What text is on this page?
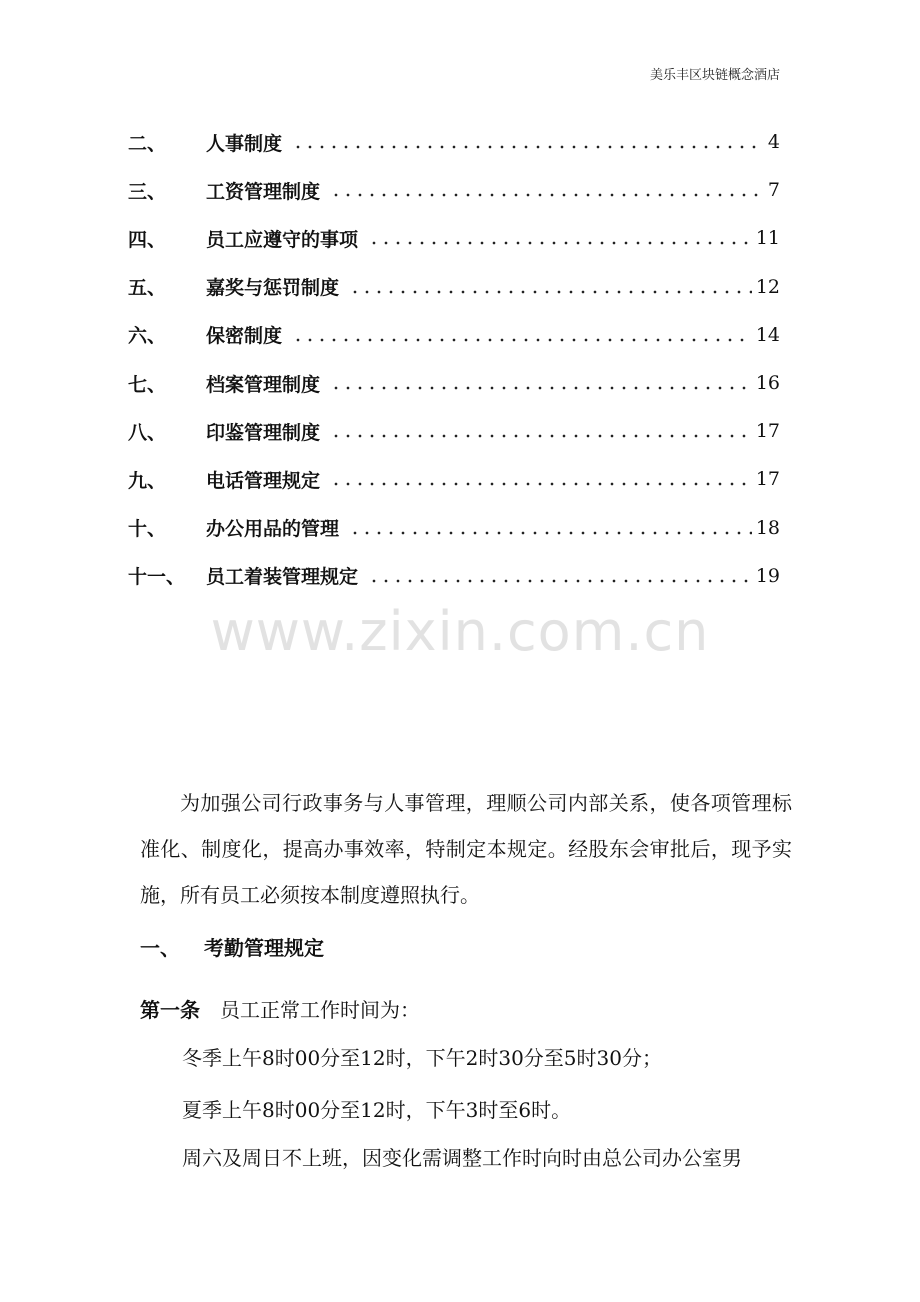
美乐丰区块链概念酒店
二、	人事制度	4
三、	工资管理制度	7
四、	员工应遵守的事项	11
五、	嘉奖与惩罚制度	12
六、	保密制度	14
七、	档案管理制度	16
八、	印鉴管理制度	17
九、	电话管理规定	17
十、	办公用品的管理	18
十一、	员工着装管理规定	19
www.zixin.com.cn

为加强公司行政事务与人事管理，理顺公司内部关系，使各项管理标准化、制度化，提高办事效率，特制定本规定。经股东会审批后，现予实施，所有员工必须按本制度遵照执行。

一、 考勤管理规定
第一条 员工正常工作时间为：
冬季上午8时00分至12时，下午2时30分至5时30分；
夏季上午8时00分至12时，下午3时至6时。
周六及周日不上班，因变化需调整工作时向时由总公司办公室男
